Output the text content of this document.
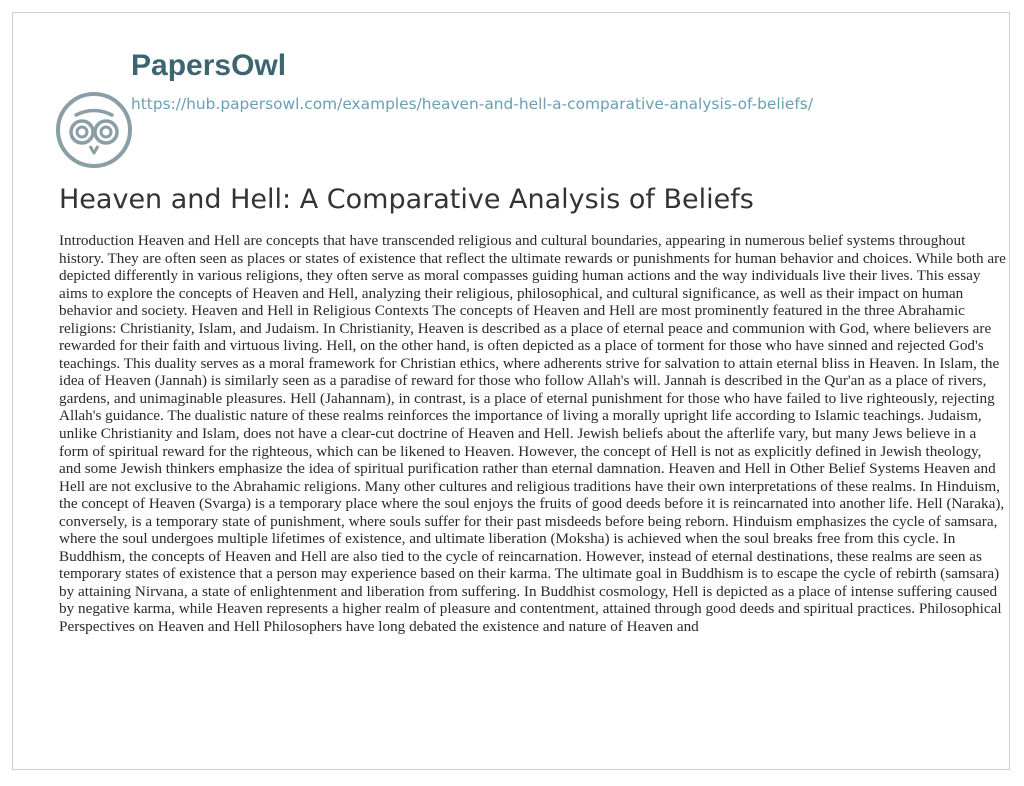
PapersOwl
https://hub.papersowl.com/examples/heaven-and-hell-a-comparative-analysis-of-beliefs/
Heaven and Hell: A Comparative Analysis of Beliefs

Introduction Heaven and Hell are concepts that have transcended religious and cultural boundaries, appearing in numerous belief systems throughout history. They are often seen as places or states of existence that reflect the ultimate rewards or punishments for human behavior and choices. While both are depicted differently in various religions, they often serve as moral compasses guiding human actions and the way individuals live their lives. This essay aims to explore the concepts of Heaven and Hell, analyzing their religious, philosophical, and cultural significance, as well as their impact on human behavior and society. Heaven and Hell in Religious Contexts The concepts of Heaven and Hell are most prominently featured in the three Abrahamic religions: Christianity, Islam, and Judaism. In Christianity, Heaven is described as a place of eternal peace and communion with God, where believers are rewarded for their faith and virtuous living. Hell, on the other hand, is often depicted as a place of torment for those who have sinned and rejected God's teachings. This duality serves as a moral framework for Christian ethics, where adherents strive for salvation to attain eternal bliss in Heaven. In Islam, the idea of Heaven (Jannah) is similarly seen as a paradise of reward for those who follow Allah's will. Jannah is described in the Qur'an as a place of rivers, gardens, and unimaginable pleasures. Hell (Jahannam), in contrast, is a place of eternal punishment for those who have failed to live righteously, rejecting Allah's guidance. The dualistic nature of these realms reinforces the importance of living a morally upright life according to Islamic teachings. Judaism, unlike Christianity and Islam, does not have a clear-cut doctrine of Heaven and Hell. Jewish beliefs about the afterlife vary, but many Jews believe in a form of spiritual reward for the righteous, which can be likened to Heaven. However, the concept of Hell is not as explicitly defined in Jewish theology, and some Jewish thinkers emphasize the idea of spiritual purification rather than eternal damnation. Heaven and Hell in Other Belief Systems Heaven and Hell are not exclusive to the Abrahamic religions. Many other cultures and religious traditions have their own interpretations of these realms. In Hinduism, the concept of Heaven (Svarga) is a temporary place where the soul enjoys the fruits of good deeds before it is reincarnated into another life. Hell (Naraka), conversely, is a temporary state of punishment, where souls suffer for their past misdeeds before being reborn. Hinduism emphasizes the cycle of samsara, where the soul undergoes multiple lifetimes of existence, and ultimate liberation (Moksha) is achieved when the soul breaks free from this cycle. In Buddhism, the concepts of Heaven and Hell are also tied to the cycle of reincarnation. However, instead of eternal destinations, these realms are seen as temporary states of existence that a person may experience based on their karma. The ultimate goal in Buddhism is to escape the cycle of rebirth (samsara) by attaining Nirvana, a state of enlightenment and liberation from suffering. In Buddhist cosmology, Hell is depicted as a place of intense suffering caused by negative karma, while Heaven represents a higher realm of pleasure and contentment, attained through good deeds and spiritual practices. Philosophical Perspectives on Heaven and Hell Philosophers have long debated the existence and nature of Heaven and
